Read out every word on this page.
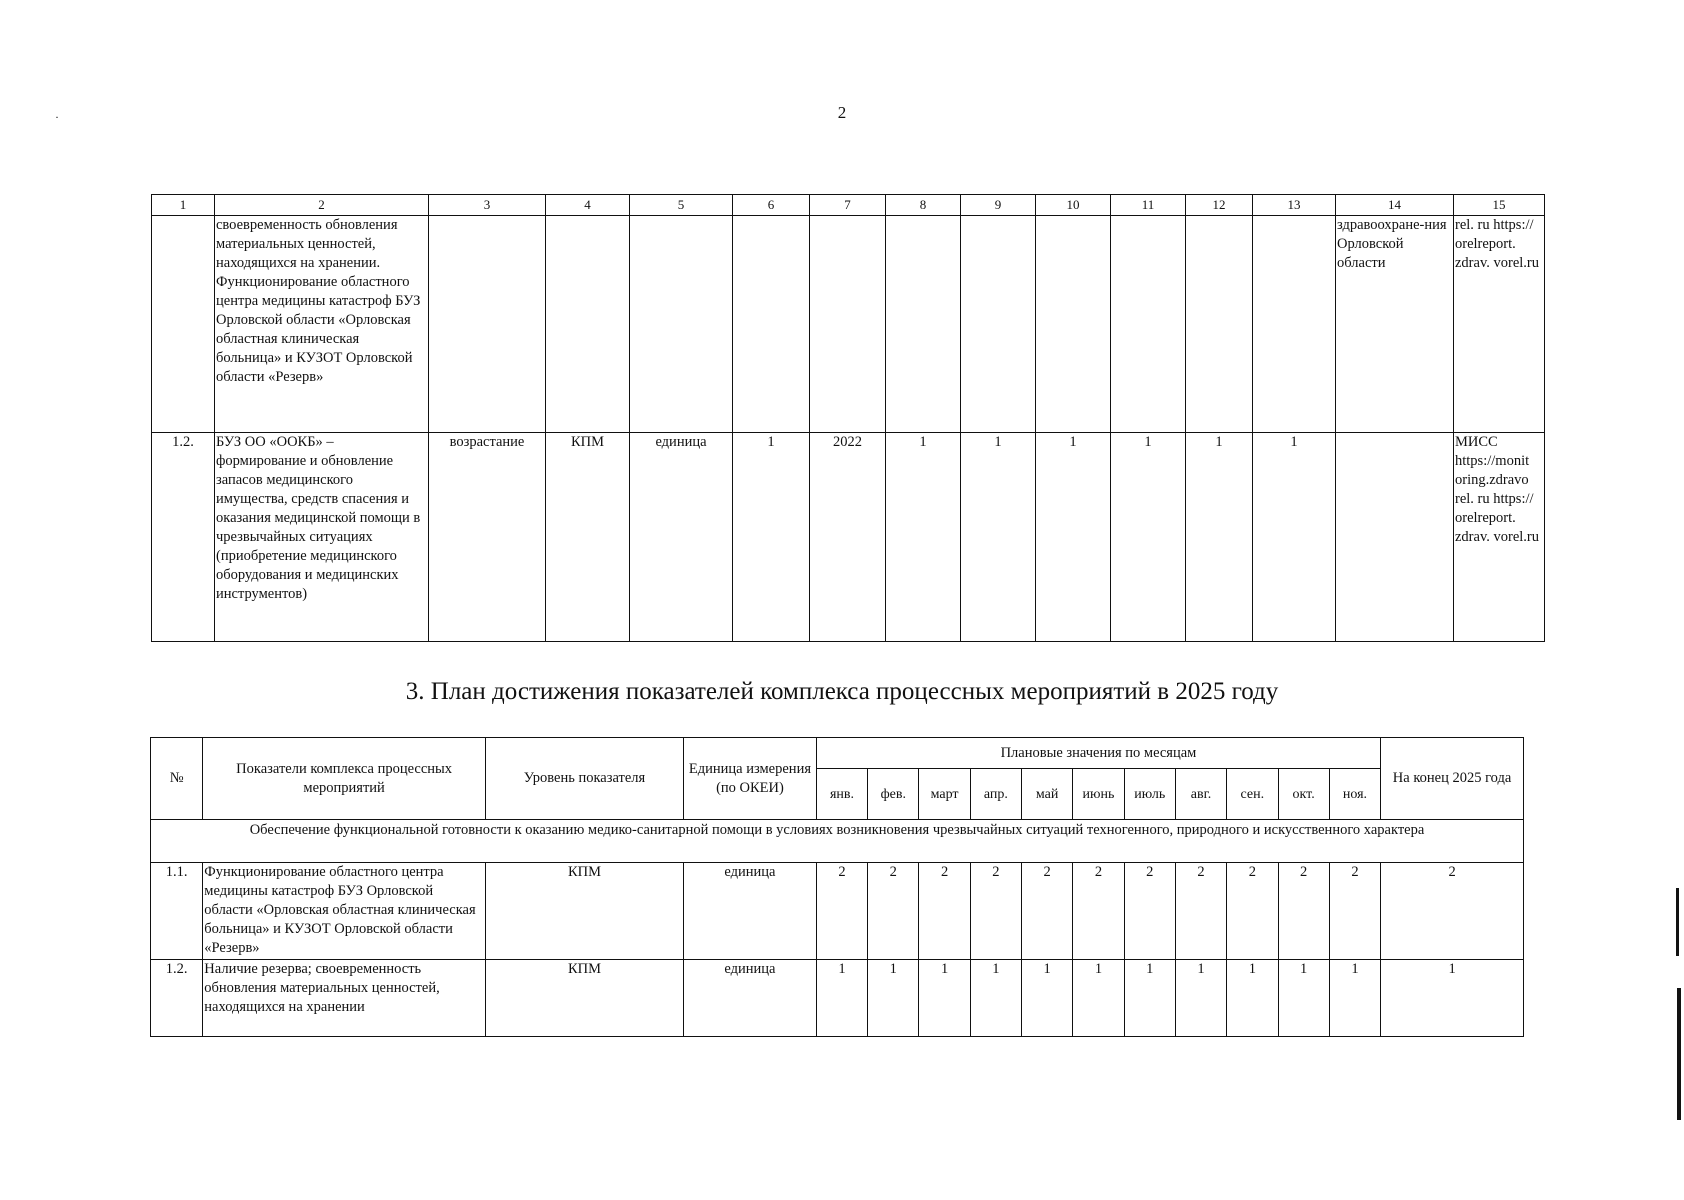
2
·
1	2	3	4	5	6	7	8	9	10	11	12	13	14	15
	своевременность обновления материальных ценностей, находящихся на хранении. Функционирование областного центра медицины катастроф БУЗ Орловской области «Орловская областная клиническая больница» и КУЗОТ Орловской области «Резерв»												здравоохране-ния Орловской области	rel. ru https:// orelreport. zdrav. vorel.ru
1.2.	БУЗ ОО «ООКБ» – формирование и обновление запасов медицинского имущества, средств спасения и оказания медицинской помощи в чрезвычайных ситуациях (приобретение медицинского оборудования и медицинских инструментов)	возрастание	КПМ	единица	1	2022	1	1	1	1	1	1		МИСС https://monit oring.zdravo rel. ru https:// orelreport. zdrav. vorel.ru
3. План достижения показателей комплекса процессных мероприятий в 2025 году
№	Показатели комплекса процессных мероприятий	Уровень показателя	Единица измерения (по ОКЕИ)	Плановые значения по месяцам											На конец 2025 года
				янв.	фев.	март	апр.	май	июнь	июль	авг.	сен.	окт.	ноя.	
Обеспечение функциональной готовности к оказанию медико-санитарной помощи в условиях возникновения чрезвычайных ситуаций техногенного, природного и искусственного характера															
1.1.	Функционирование областного центра медицины катастроф БУЗ Орловской области «Орловская областная клиническая больница» и КУЗОТ Орловской области «Резерв»	КПМ	единица	2	2	2	2	2	2	2	2	2	2	2	2
1.2.	Наличие резерва; своевременность обновления материальных ценностей, находящихся на хранении	КПМ	единица	1	1	1	1	1	1	1	1	1	1	1	1
